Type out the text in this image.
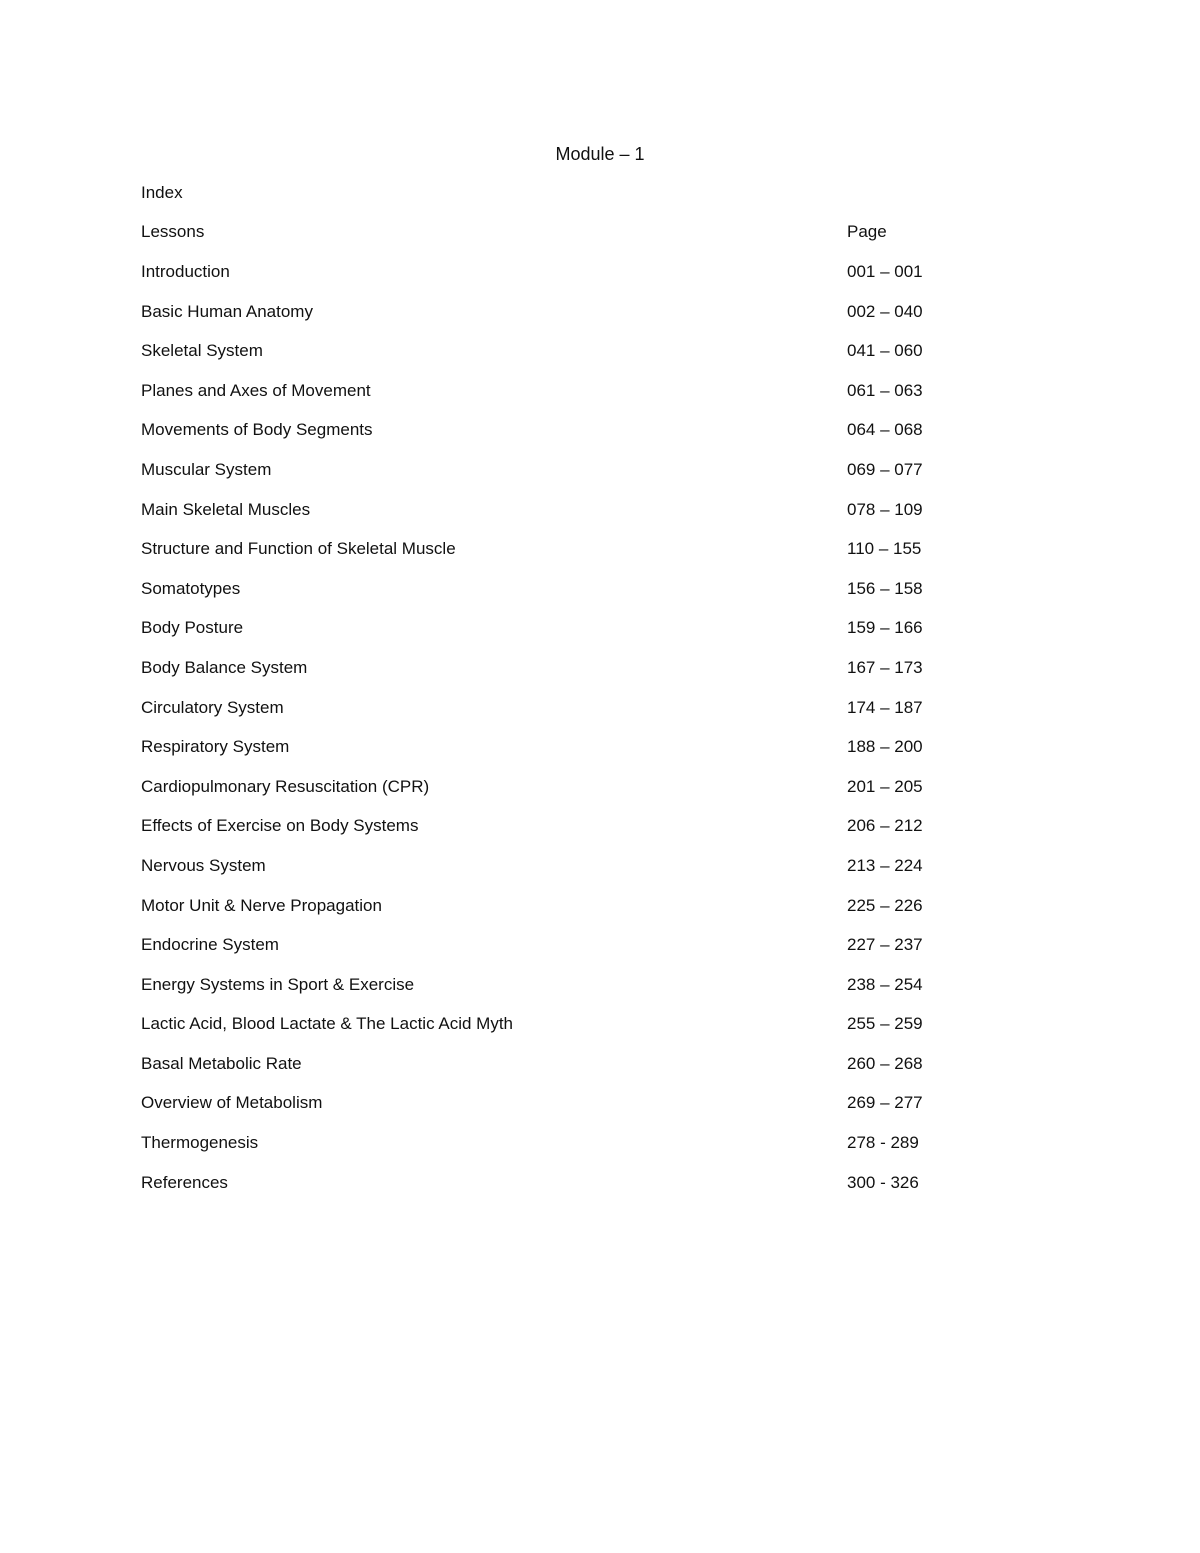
Module – 1
Index
Lessons	Page
Introduction	001 – 001
Basic Human Anatomy	002 – 040
Skeletal System	041 – 060
Planes and Axes of Movement	061 – 063
Movements of Body Segments	064 – 068
Muscular System	069 – 077
Main Skeletal Muscles	078 – 109
Structure and Function of Skeletal Muscle	110 – 155
Somatotypes	156 – 158
Body Posture	159 – 166
Body Balance System	167 – 173
Circulatory System	174 – 187
Respiratory System	188 – 200
Cardiopulmonary Resuscitation (CPR)	201 – 205
Effects of Exercise on Body Systems	206 – 212
Nervous System	213 – 224
Motor Unit & Nerve Propagation	225 – 226
Endocrine System	227 – 237
Energy Systems in Sport & Exercise	238 – 254
Lactic Acid, Blood Lactate & The Lactic Acid Myth	255 – 259
Basal Metabolic Rate	260 – 268
Overview of Metabolism	269 – 277
Thermogenesis	278 - 289
References	300 - 326
